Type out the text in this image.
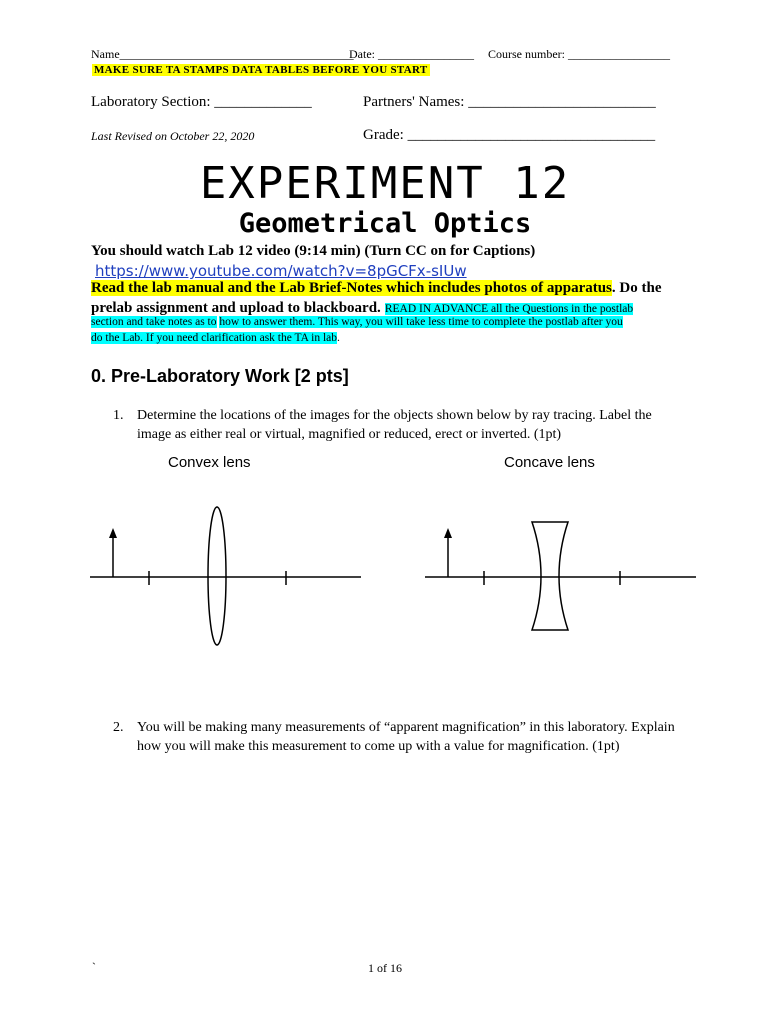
Name_______________________________________
Date: ________________ Course number: _________________
MAKE SURE TA STAMPS DATA TABLES BEFORE YOU START
Laboratory Section: _____________	Partners' Names: _________________________
Last Revised on October 22, 2020	Grade: _________________________________
EXPERIMENT 12
Geometrical Optics
You should watch Lab 12 video (9:14 min) (Turn CC on for Captions)
https://www.youtube.com/watch?v=8pGCFx-sIUw
Read the lab manual and the Lab Brief-Notes which includes photos of apparatus. Do the
prelab assignment and upload to blackboard. READ IN ADVANCE all the Questions in the postlab
section and take notes as to how to answer them. This way, you will take less time to complete the postlab after you
do the Lab. If you need clarification ask the TA in lab.
0. Pre-Laboratory Work [2 pts]
1. Determine the locations of the images for the objects shown below by ray tracing. Label the image as either real or virtual, magnified or reduced, erect or inverted. (1pt)
Convex lens	Concave lens
2. You will be making many measurements of “apparent magnification” in this laboratory. Explain how you will make this measurement to come up with a value for magnification. (1pt)
`	1 of 16
